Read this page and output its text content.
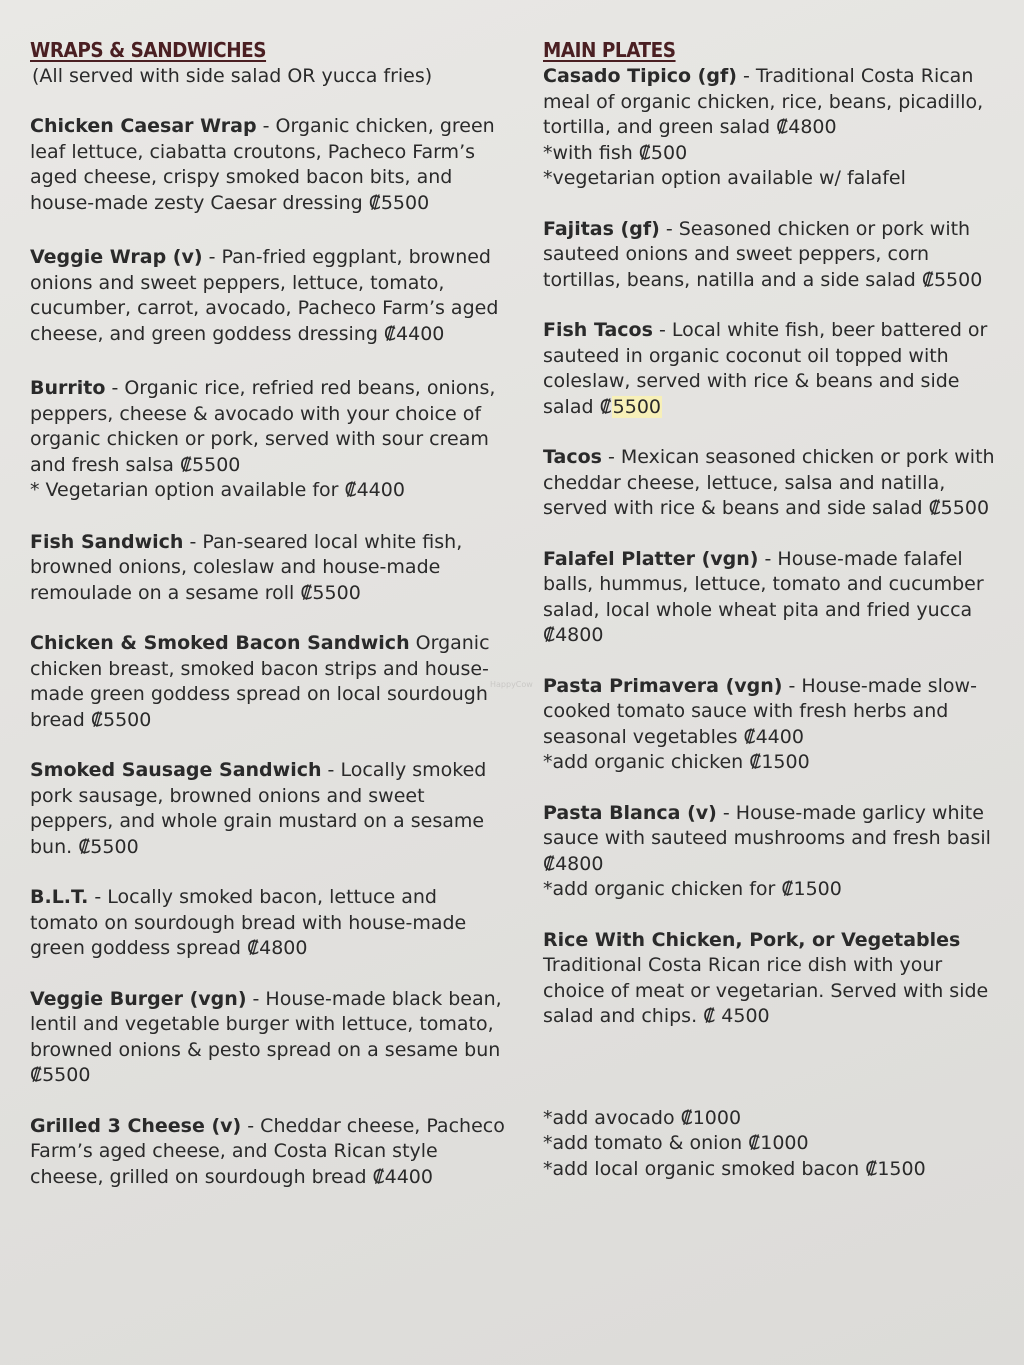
WRAPS & SANDWICHES

(All served with side salad OR yucca fries)

Chicken Caesar Wrap - Organic chicken, green leaf lettuce, ciabatta croutons, Pacheco Farm’s aged cheese, crispy smoked bacon bits, and house-made zesty Caesar dressing ₡5500

Veggie Wrap (v) - Pan-fried eggplant, browned onions and sweet peppers, lettuce, tomato, cucumber, carrot, avocado, Pacheco Farm’s aged cheese, and green goddess dressing ₡4400

Burrito - Organic rice, refried red beans, onions, peppers, cheese & avocado with your choice of organic chicken or pork, served with sour cream and fresh salsa ₡5500

* Vegetarian option available for ₡4400

Fish Sandwich - Pan-seared local white fish, browned onions, coleslaw and house-made remoulade on a sesame roll ₡5500

Chicken & Smoked Bacon Sandwich Organic chicken breast, smoked bacon strips and house-made green goddess spread on local sourdough bread ₡5500

Smoked Sausage Sandwich - Locally smoked pork sausage, browned onions and sweet peppers, and whole grain mustard on a sesame bun. ₡5500

B.L.T. - Locally smoked bacon, lettuce and tomato on sourdough bread with house-made green goddess spread ₡4800

Veggie Burger (vgn) - House-made black bean, lentil and vegetable burger with lettuce, tomato, browned onions & pesto spread on a sesame bun ₡5500

Grilled 3 Cheese (v) - Cheddar cheese, Pacheco Farm’s aged cheese, and Costa Rican style cheese, grilled on sourdough bread ₡4400

MAIN PLATES

Casado Tipico (gf) - Traditional Costa Rican meal of organic chicken, rice, beans, picadillo, tortilla, and green salad ₡4800

*with fish ₡500

*vegetarian option available w/ falafel

Fajitas (gf) - Seasoned chicken or pork with sauteed onions and sweet peppers, corn tortillas, beans, natilla and a side salad ₡5500

Fish Tacos - Local white fish, beer battered or sauteed in organic coconut oil topped with coleslaw, served with rice & beans and side salad ₡5500

Tacos - Mexican seasoned chicken or pork with cheddar cheese, lettuce, salsa and natilla, served with rice & beans and side salad ₡5500

Falafel Platter (vgn) - House-made falafel balls, hummus, lettuce, tomato and cucumber salad, local whole wheat pita and fried yucca ₡4800

Pasta Primavera (vgn) - House-made slow-cooked tomato sauce with fresh herbs and seasonal vegetables ₡4400

*add organic chicken ₡1500

Pasta Blanca (v) - House-made garlicy white sauce with sauteed mushrooms and fresh basil ₡4800

*add organic chicken for ₡1500

Rice With Chicken, Pork, or Vegetables
Traditional Costa Rican rice dish with your choice of meat or vegetarian. Served with side salad and chips. ₡ 4500

*add avocado ₡1000

*add tomato & onion ₡1000

*add local organic smoked bacon ₡1500

HappyCow
